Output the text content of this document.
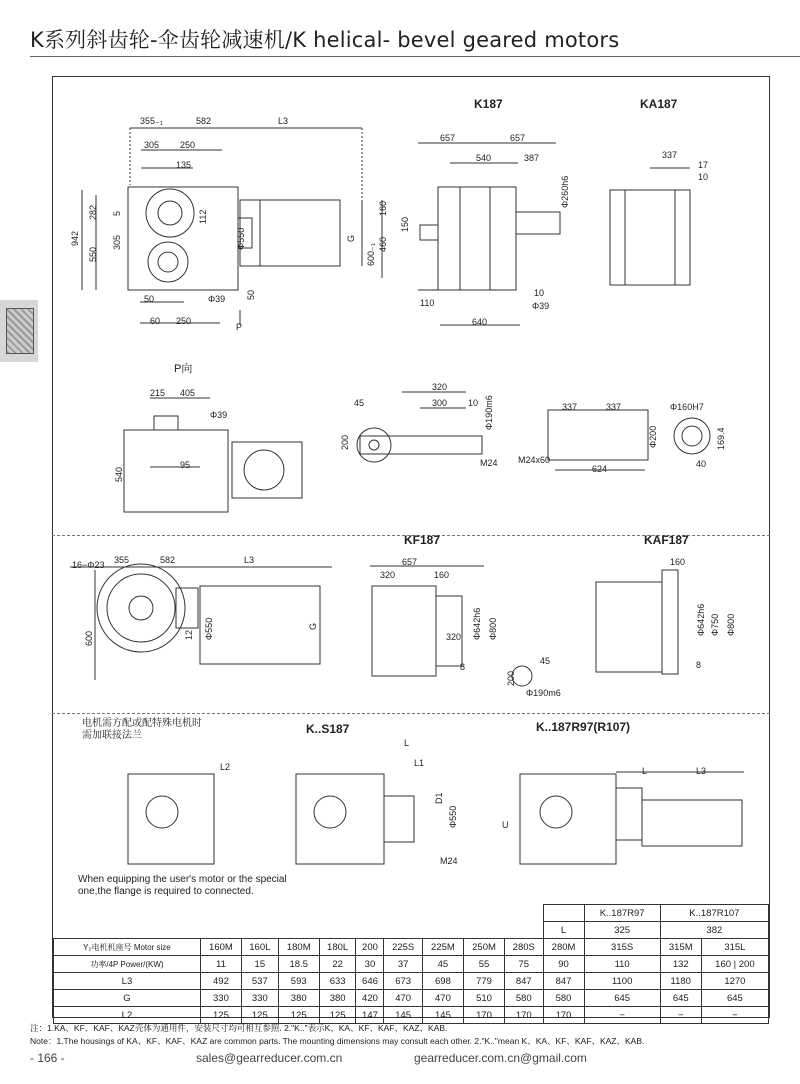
K系列斜齿轮-伞齿轮减速机/K helical- bevel geared motors
K187	KA187
P向
KF187	KAF187
K..S187	K..187R97(R107)
电机需方配或配特殊电机时
需加联接法兰
When equipping the user's motor or the special
one,the flange is required to connected.
355₋₁	582	L3
305 250
135
942
282 5
550
305
112
Φ550	G
50	Φ39 50
60 250
P
657	657
540	387
Φ260h6
160
150
460
600₋₁
110
10
Φ39
640
337
17
10
215 405
Φ39
95
540
45
320
300 10 Φ190m6
200
M24
337	337	Φ160H7
Φ200	169.4
M24x60
624	40
16−Φ23 355	582	L3
600	12 Φ550	G
657
320	160
Φ642h6 Φ800
320
8
45
200
Φ190m6
160
Φ642h6 Φ750 Φ800
8
L2
L
L1
D1
Φ550
M24
U
L	L3
											K..187R97	K..187R107	
										L	325	382	
Y₂电机机座号 Motor size	160M	160L	180M	180L	200	225S	225M	250M	280S	280M	315S	315M	315L
功率/4P Power/(KW)	11	15	18.5	22	30	37	45	55	75	90	110	132	160 | 200
L3	492	537	593	633	646	673	698	779	847	847	1100	1180	1270
G	330	330	380	380	420	470	470	510	580	580	645	645	645
L2	125	125	125	125	147	145	145	170	170	170	−	−	−
注：1.KA、KF、KAF、KAZ壳体为通用件，安装尺寸均可相互参照. 2."K.."表示K、KA、KF、KAF、KAZ、KAB.
Note：1.The housings of KA、KF、KAF、KAZ are common parts. The mounting dimensions may consult each other. 2."K.."mean K、KA、KF、KAF、KAZ、KAB.
- 166 -	sales@gearreducer.com.cn	gearreducer.com.cn@gmail.com
